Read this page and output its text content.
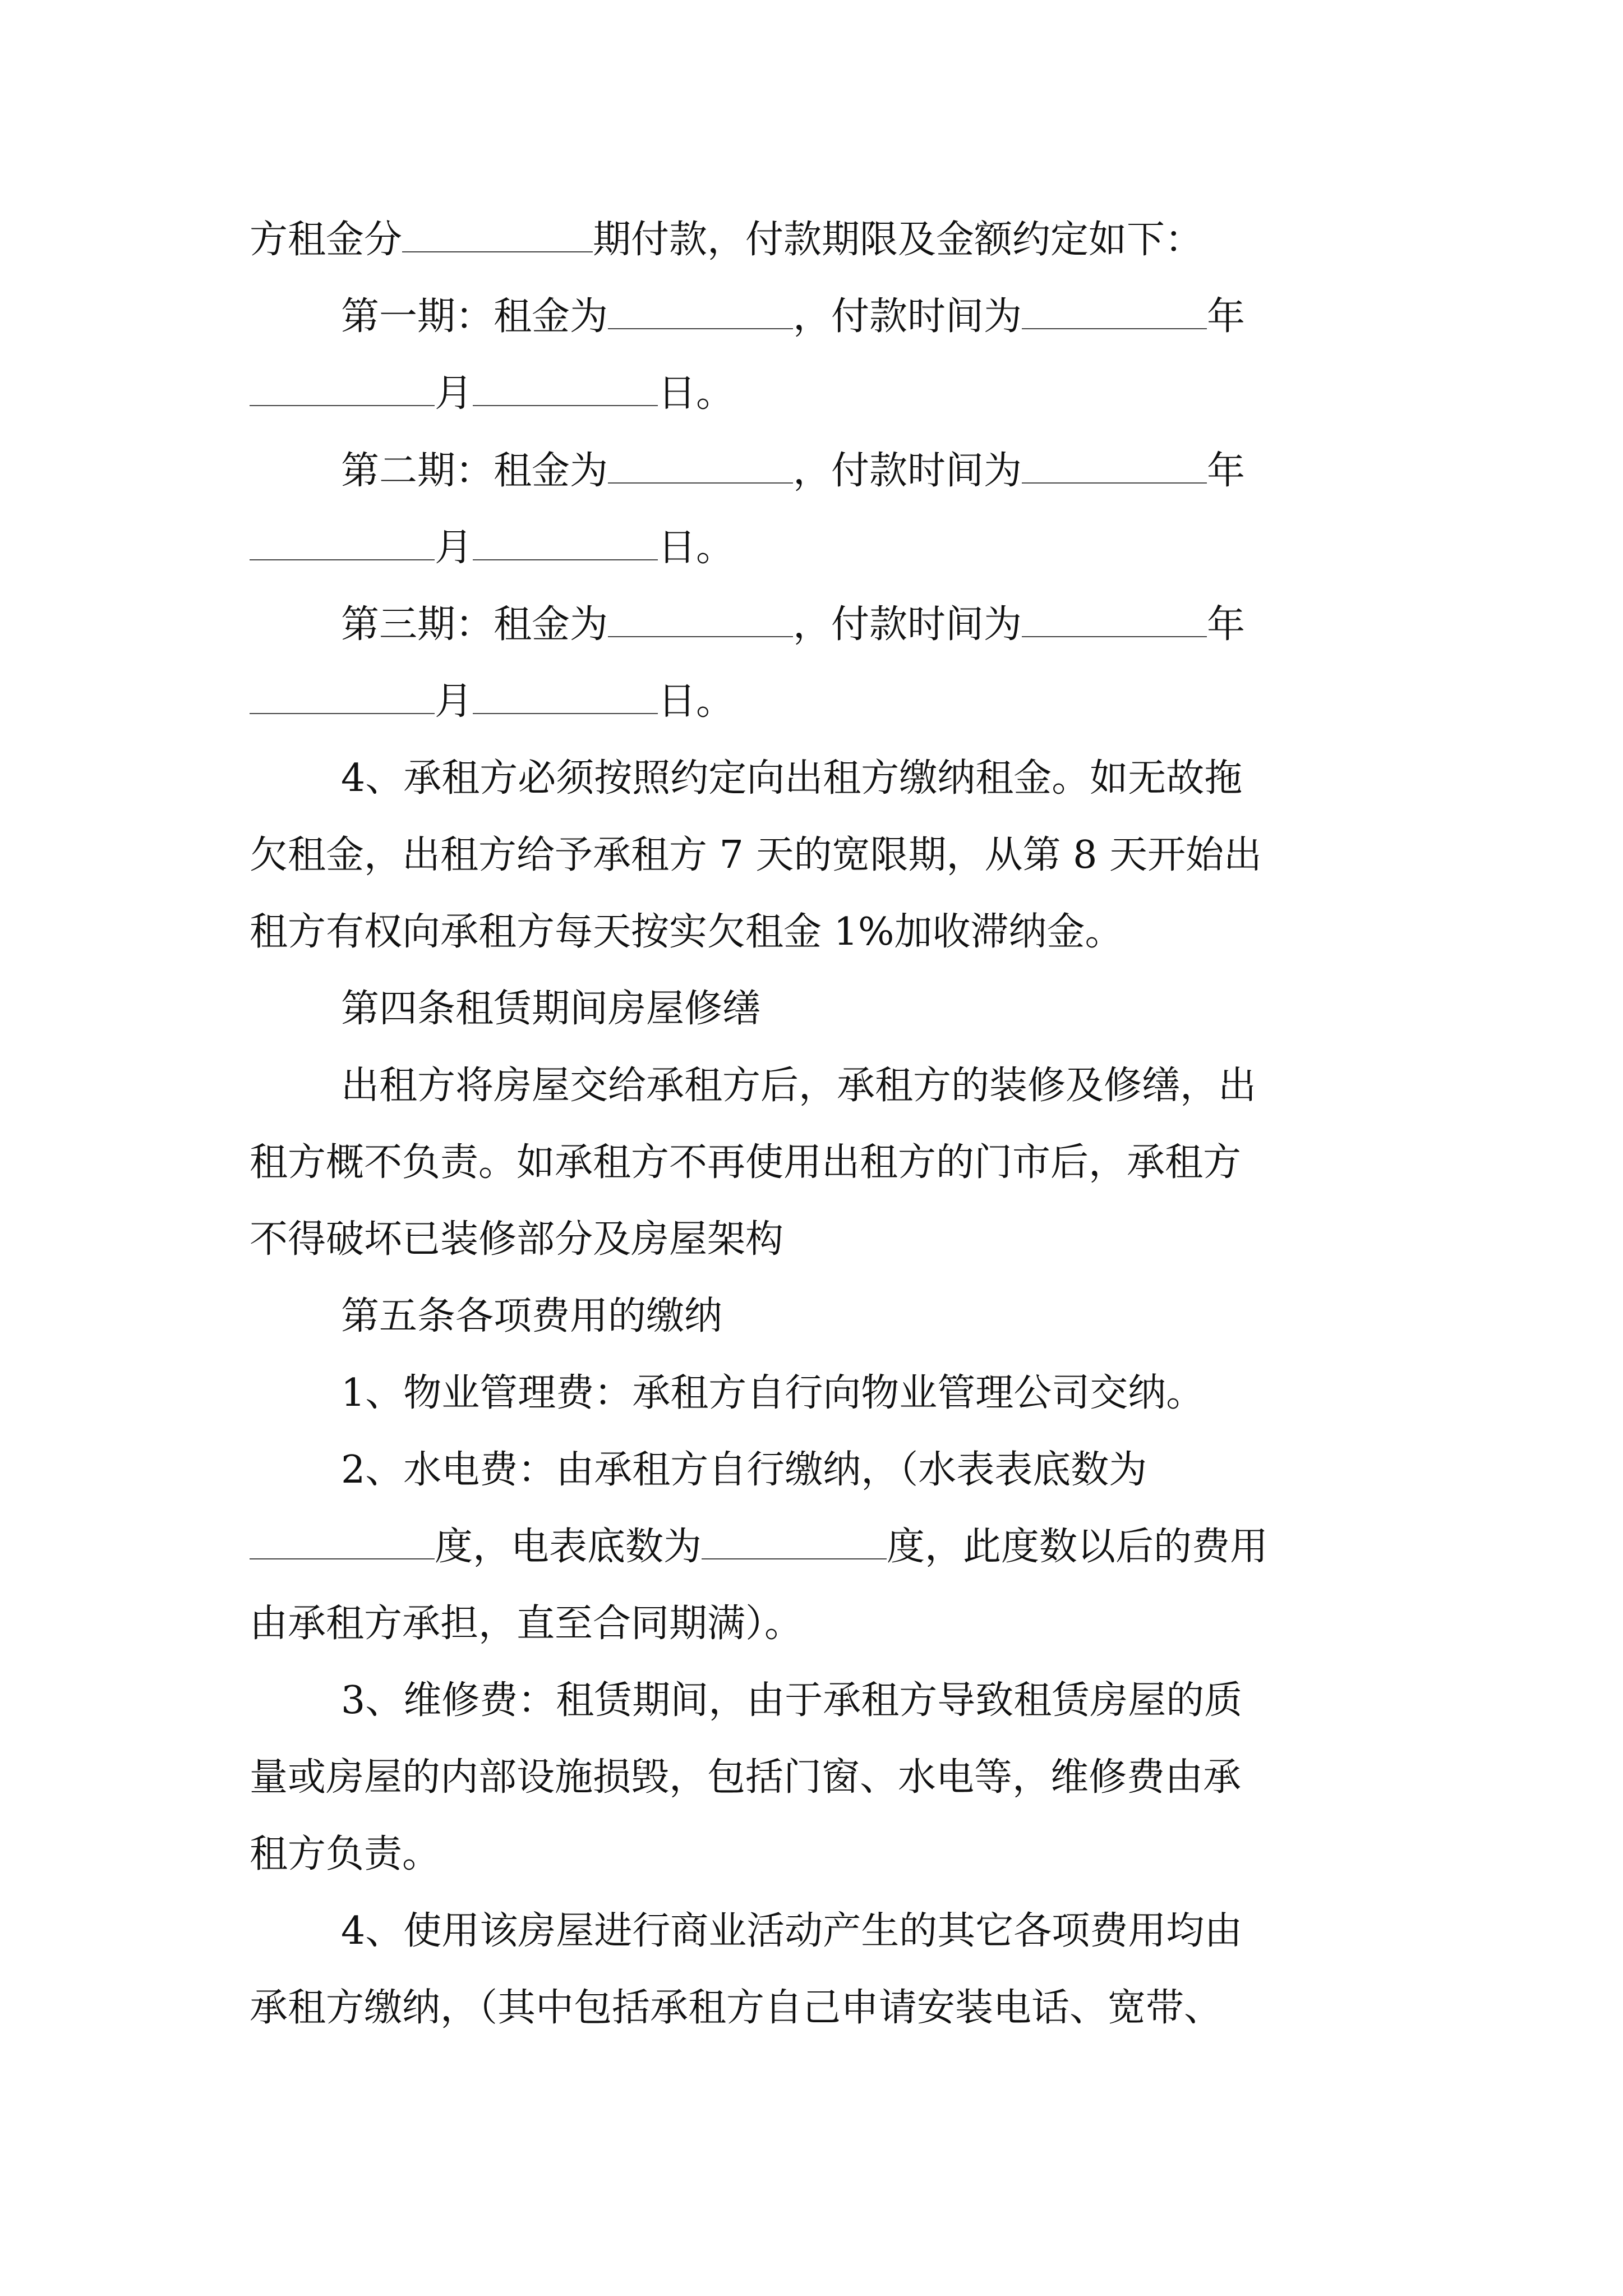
方租金分	期付款，付款期限及金额约定如下：
第一期：租金为	，付款时间为	年
月	日。
第二期：租金为	，付款时间为	年
月	日。
第三期：租金为	，付款时间为	年
月	日。
4、承租方必须按照约定向出租方缴纳租金。如无故拖
欠租金，出租方给予承租方 7 天的宽限期，从第 8 天开始出
租方有权向承租方每天按实欠租金 1%加收滞纳金。
第四条租赁期间房屋修缮
出租方将房屋交给承租方后，承租方的装修及修缮，出
租方概不负责。如承租方不再使用出租方的门市后，承租方
不得破坏已装修部分及房屋架构
第五条各项费用的缴纳
1、物业管理费：承租方自行向物业管理公司交纳。
2、水电费：由承租方自行缴纳，（水表表底数为
度，电表底数为	度，此度数以后的费用
由承租方承担，直至合同期满）。
3、维修费：租赁期间，由于承租方导致租赁房屋的质
量或房屋的内部设施损毁，包括门窗、水电等，维修费由承
租方负责。
4、使用该房屋进行商业活动产生的其它各项费用均由
承租方缴纳，（其中包括承租方自己申请安装电话、宽带、
